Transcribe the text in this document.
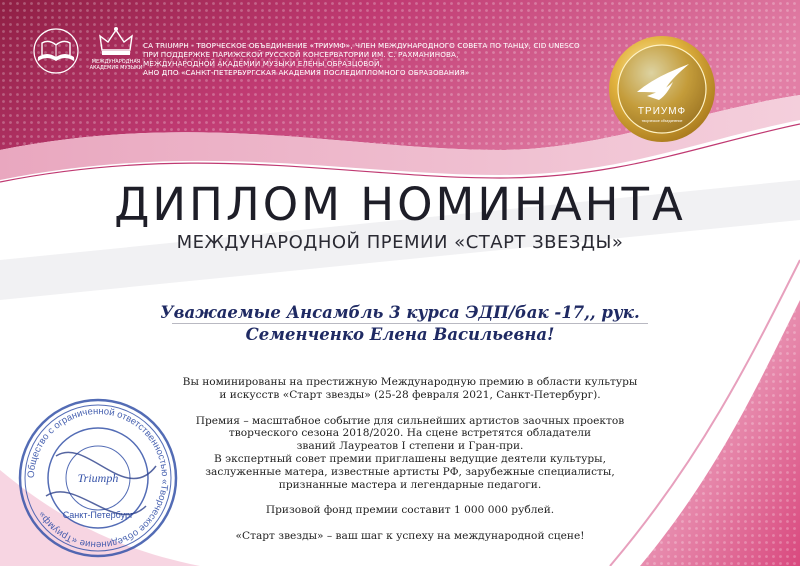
МЕЖДУНАРОДНАЯ АКАДЕМИЯ МУЗЫКИ
СА TRIUMPH - ТВОРЧЕСКОЕ ОБЪЕДИНЕНИЕ «ТРИУМФ», ЧЛЕН МЕЖДУНАРОДНОГО СОВЕТА ПО ТАНЦУ, CID UNESCO
ПРИ ПОДДЕРЖКЕ ПАРИЖСКОЙ РУССКОЙ КОНСЕРВАТОРИИ ИМ. С. РАХМАНИНОВА,
МЕЖДУНАРОДНОЙ АКАДЕМИИ МУЗЫКИ ЕЛЕНЫ ОБРАЗЦОВОЙ,
АНО ДПО «САНКТ-ПЕТЕРБУРГСКАЯ АКАДЕМИЯ ПОСЛЕДИПЛОМНОГО ОБРАЗОВАНИЯ»
ТРИУМФ
творческое объединение
ДИПЛОМ НОМИНАНТА
МЕЖДУНАРОДНОЙ ПРЕМИИ «СТАРТ ЗВЕЗДЫ»
Уважаемые Ансамбль 3 курса ЭДП/бак -17,, рук.
Семенченко Елена Васильевна!

Вы номинированы на престижную Международную премию в области культуры

и искусств «Старт звезды» (25-28 февраля 2021, Санкт-Петербург).

Премия – масштабное событие для сильнейших артистов заочных проектов

творческого сезона 2018/2020. На сцене встретятся обладатели

званий Лауреатов I степени и Гран-при.

В экспертный совет премии приглашены ведущие деятели культуры,

заслуженные матера, известные артисты РФ, зарубежные специалисты,

признанные мастера и легендарные педагоги.

Призовой фонд премии составит 1 000 000 рублей.

«Старт звезды» – ваш шаг к успеху на международной сцене!

Общество с ограниченной ответственностью «Творческое объединение «Триумф»
Triumph
Санкт-Петербург
